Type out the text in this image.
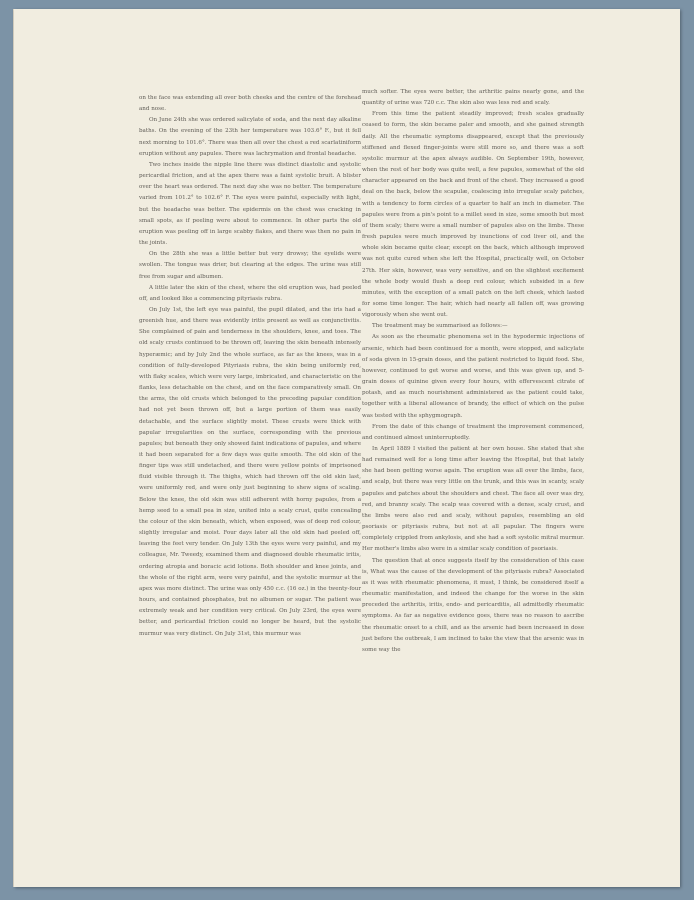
on the face was extending all over both cheeks and the centre of the forehead and nose.

On June 24th she was ordered salicylate of soda, and the next day alkaline baths. On the evening of the 23th her temperature was 103.6° F., but it fell next morning to 101.6°. There was then all over the chest a red scarlatiniform eruption without any papules. There was lachrymation and frontal headache.

Two inches inside the nipple line there was distinct diastolic and systolic pericardial friction, and at the apex there was a faint systolic bruit. A blister over the heart was ordered. The next day she was no better. The temperature varied from 101.2° to 102.6° F. The eyes were painful, especially with light, but the headache was better. The epidermis on the chest was cracking in small spots, as if peeling were about to commence. In other parts the old eruption was peeling off in large scabby flakes, and there was then no pain in the joints.

On the 28th she was a little better but very drowsy; the eyelids were swollen. The tongue was drier, but clearing at the edges. The urine was still free from sugar and albumen.

A little later the skin of the chest, where the old eruption was, had peeled off, and looked like a commencing pityriasis rubra.

On July 1st, the left eye was painful, the pupil dilated, and the iris had a greenish hue, and there was evidently iritis present as well as conjunctivitis. She complained of pain and tenderness in the shoulders, knee, and toes. The old scaly crusts continued to be thrown off, leaving the skin beneath intensely hyperæmic; and by July 2nd the whole surface, as far as the knees, was in a condition of fully-developed Pityriasis rubra, the skin being uniformly red, with flaky scales, which were very large, imbricated, and characteristic on the flanks, less detachable on the chest, and on the face comparatively small. On the arms, the old crusts which belonged to the preceding papular condition had not yet been thrown off, but a large portion of them was easily detachable, and the surface slightly moist. These crusts were thick with papular irregularities on the surface, corresponding with the previous papules; but beneath they only showed faint indications of papules, and where it had been separated for a few days was quite smooth. The old skin of the finger tips was still undetached, and there were yellow points of imprisoned fluid visible through it. The thighs, which had thrown off the old skin last, were uniformly red, and were only just beginning to shew signs of scaling. Below the knee, the old skin was still adherent with horny papules, from a hemp seed to a small pea in size, united into a scaly crust, quite concealing the colour of the skin beneath, which, when exposed, was of deep red colour, slightly irregular and moist. Four days later all the old skin had peeled off, leaving the feet very tender. On July 13th the eyes were very painful, and my colleague, Mr. Tweedy, examined them and diagnosed double rheumatic iritis, ordering atropia and boracic acid lotions. Both shoulder and knee joints, and the whole of the right arm, were very painful, and the systolic murmur at the apex was more distinct. The urine was only 450 c.c. (16 oz.) in the twenty-four hours, and contained phosphates, but no albumen or sugar. The patient was extremely weak and her condition very critical. On July 23rd, the eyes were better, and pericardial friction could no longer be heard, but the systolic murmur was very distinct. On July 31st, this murmur was

much softer. The eyes were better, the arthritic pains nearly gone, and the quantity of urine was 720 c.c. The skin also was less red and scaly.

From this time the patient steadily improved; fresh scales gradually ceased to form, the skin became paler and smooth, and she gained strength daily. All the rheumatic symptoms disappeared, except that the previously stiffened and flexed finger-joints were still more so, and there was a soft systolic murmur at the apex always audible. On September 19th, however, when the rest of her body was quite well, a few papules, somewhat of the old character appeared on the back and front of the chest. They increased a good deal on the back, below the scapulæ, coalescing into irregular scaly patches, with a tendency to form circles of a quarter to half an inch in diameter. The papules were from a pin's point to a millet seed in size, some smooth but most of them scaly; there were a small number of papules also on the limbs. These fresh papules were much improved by inunctions of cod liver oil, and the whole skin became quite clear, except on the back, which although improved was not quite cured when she left the Hospital, practically well, on October 27th. Her skin, however, was very sensitive, and on the slightest excitement the whole body would flush a deep red colour, which subsided in a few minutes, with the exception of a small patch on the left cheek, which lasted for some time longer. The hair, which had nearly all fallen off, was growing vigorously when she went out.

The treatment may be summarised as follows:—

As soon as the rheumatic phenomena set in the hypodermic injections of arsenic, which had been continued for a month, were stopped, and salicylate of soda given in 15-grain doses, and the patient restricted to liquid food. She, however, continued to get worse and worse, and this was given up, and 5-grain doses of quinine given every four hours, with effervescent citrate of potash, and as much nourishment administered as the patient could take, together with a liberal allowance of brandy, the effect of which on the pulse was tested with the sphygmograph.

From the date of this change of treatment the improvement commenced, and continued almost uninterruptedly.

In April 1889 I visited the patient at her own house. She stated that she had remained well for a long time after leaving the Hospital, but that lately she had been getting worse again. The eruption was all over the limbs, face, and scalp, but there was very little on the trunk, and this was in scanty, scaly papules and patches about the shoulders and chest. The face all over was dry, red, and branny scaly. The scalp was covered with a dense, scaly crust, and the limbs were also red and scaly, without papules, resembling an old psoriasis or pityriasis rubra, but not at all papular. The fingers were completely crippled from ankylosis, and she had a soft systolic mitral murmur. Her mother's limbs also were in a similar scaly condition of psoriasis.

The question that at once suggests itself by the consideration of this case is, What was the cause of the development of the pityriasis rubra? Associated as it was with rheumatic phenomena, it must, I think, be considered itself a rheumatic manifestation, and indeed the change for the worse in the skin preceded the arthritis, iritis, endo- and pericarditis, all admittedly rheumatic symptoms. As far as negative evidence goes, there was no reason to ascribe the rheumatic onset to a chill, and as the arsenic had been increased in dose just before the outbreak, I am inclined to take the view that the arsenic was in some way the
